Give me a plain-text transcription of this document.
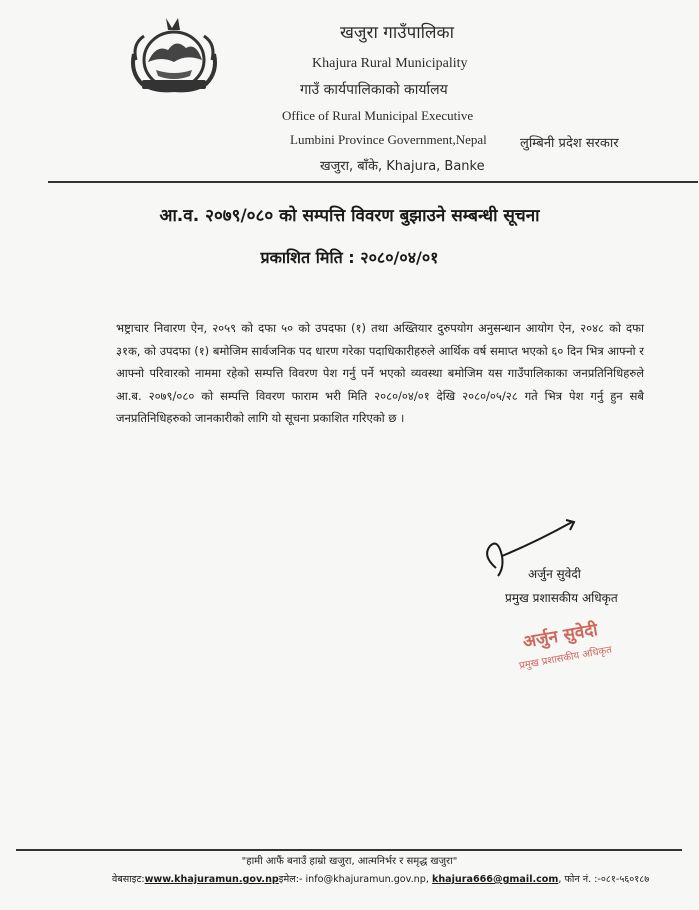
खजुरा गाउँपालिका
Khajura Rural Municipality
गाउँ कार्यपालिकाको कार्यालय
Office of Rural Municipal Executive
Lumbini Province Government,Nepal	लुम्बिनी प्रदेश सरकार
खजुरा, बाँके, Khajura, Banke
आ.व. २०७९/०८० को सम्पत्ति विवरण बुझाउने सम्बन्धी सूचना
प्रकाशित मिति : २०८०/०४/०१
भष्ट्राचार निवारण ऐन, २०५९ को दफा ५० को उपदफा (१) तथा अख्तियार दुरुपयोग अनुसन्धान आयोग ऐन, २०४८ को दफा ३१क, को उपदफा (१) बमोजिम सार्वजनिक पद धारण गरेका पदाधिकारीहरुले आर्थिक वर्ष समाप्त भएको ६० दिन भित्र आफ्नो र आफ्नो परिवारको नाममा रहेको सम्पत्ति विवरण पेश गर्नु पर्ने भएको व्यवस्था बमोजिम यस गाउँपालिकाका जनप्रतिनिधिहरुले आ.ब. २०७९/०८० को सम्पत्ति विवरण फाराम भरी मिति २०८०/०४/०१ देखि २०८०/०५/२८ गते भित्र पेश गर्नु हुन सबै जनप्रतिनिधिहरुको जानकारीको लागि यो सूचना प्रकाशित गरिएको छ ।
अर्जुन सुवेदी
प्रमुख प्रशासकीय अधिकृत
अर्जुन सुवेदी
प्रमुख प्रशासकीय अधिकृत
"हामी आफैं बनाउँ हाम्रो खजुरा, आत्मनिर्भर र समृद्ध खजुरा"
वेबसाइट:www.khajuramun.gov.npइमेल:- info@khajuramun.gov.np, khajura666@gmail.com, फोन नं. :-०८१-५६०१८७
